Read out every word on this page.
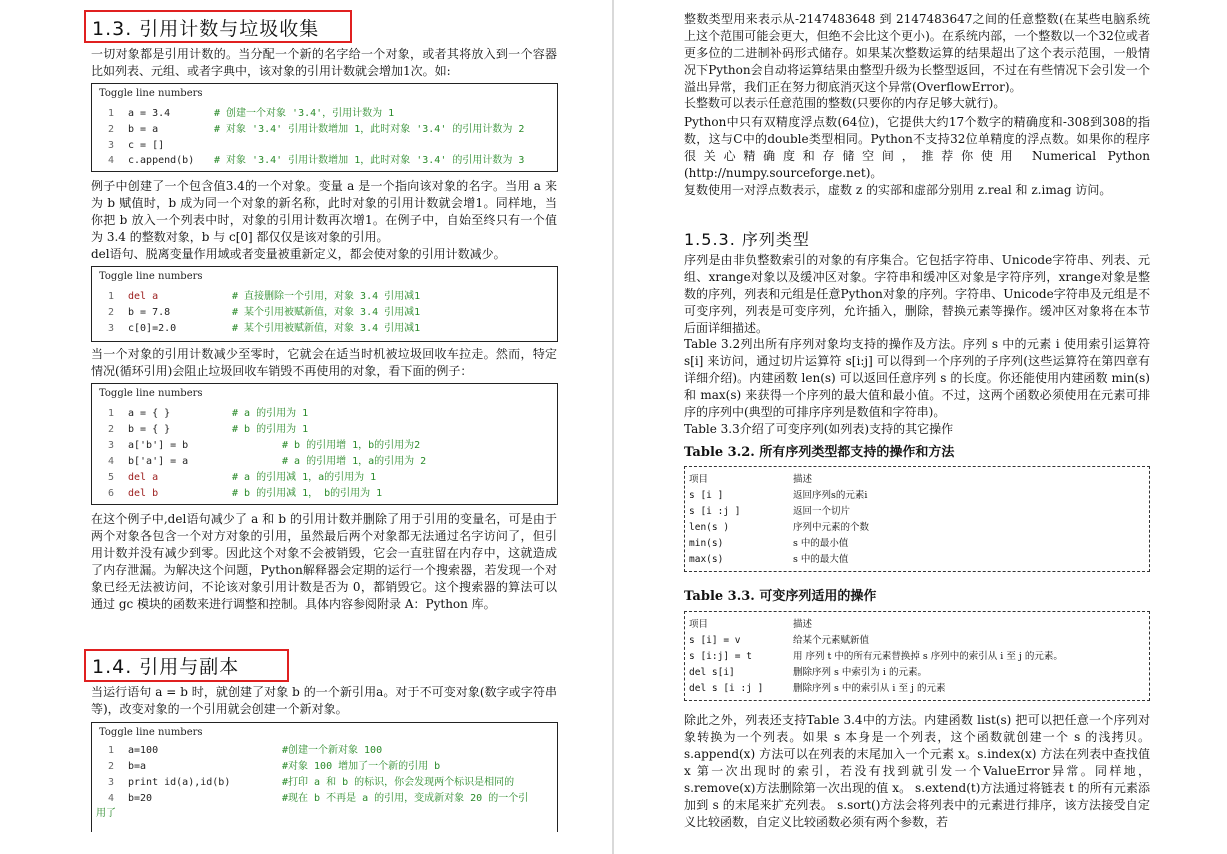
1.3. 引用计数与垃圾收集
一切对象都是引用计数的。当分配一个新的名字给一个对象，或者其将放入到一个容器比如列表、元组、或者字典中，该对象的引用计数就会增加1次。如:
Toggle line numbers
1 a = 3.4	# 创建一个对象 '3.4'，引用计数为 1
2 b = a	# 对象 '3.4' 引用计数增加 1，此时对象 '3.4' 的引用计数为 2
3 c = []
4 c.append(b) # 对象 '3.4' 引用计数增加 1，此时对象 '3.4' 的引用计数为 3
例子中创建了一个包含值3.4的一个对象。变量 a 是一个指向该对象的名字。当用 a 来为 b 赋值时，b 成为同一个对象的新名称，此时对象的引用计数就会增1。同样地，当你把 b 放入一个列表中时，对象的引用计数再次增1。在例子中，自始至终只有一个值为 3.4 的整数对象，b 与 c[0] 都仅仅是该对象的引用。
del语句、脱离变量作用域或者变量被重新定义，都会使对象的引用计数减少。
Toggle line numbers
1 del a	# 直接删除一个引用，对象 3.4 引用减1
2 b = 7.8	# 某个引用被赋新值，对象 3.4 引用减1
3 c[0]=2.0	# 某个引用被赋新值，对象 3.4 引用减1
当一个对象的引用计数减少至零时，它就会在适当时机被垃圾回收车拉走。然而，特定情况(循环引用)会阻止垃圾回收车销毁不再使用的对象，看下面的例子：
Toggle line numbers
1 a = { }	# a 的引用为 1
2 b = { }	# b 的引用为 1
3 a['b'] = b	# b 的引用增 1，b的引用为2
4 b['a'] = a	# a 的引用增 1，a的引用为 2
5 del a	# a 的引用减 1，a的引用为 1
6 del b	# b 的引用减 1， b的引用为 1
在这个例子中,del语句减少了 a 和 b 的引用计数并删除了用于引用的变量名，可是由于两个对象各包含一个对方对象的引用，虽然最后两个对象都无法通过名字访问了，但引用计数并没有减少到零。因此这个对象不会被销毁，它会一直驻留在内存中，这就造成了内存泄漏。为解决这个问题，Python解释器会定期的运行一个搜索器，若发现一个对象已经无法被访问，不论该对象引用计数是否为 0，都销毁它。这个搜索器的算法可以通过 gc 模块的函数来进行调整和控制。具体内容参阅附录 A：Python 库。
1.4. 引用与副本
当运行语句 a = b 时，就创建了对象 b 的一个新引用a。对于不可变对象(数字或字符串等)，改变对象的一个引用就会创建一个新对象。
Toggle line numbers
1 a=100	#创建一个新对象 100
2 b=a	#对象 100 增加了一个新的引用 b
3 print id(a),id(b)	#打印 a 和 b 的标识，你会发现两个标识是相同的
4 b=20	#现在 b 不再是 a 的引用，变成新对象 20 的一个引
用了
整数类型用来表示从-2147483648 到 2147483647之间的任意整数(在某些电脑系统上这个范围可能会更大，但绝不会比这个更小)。在系统内部，一个整数以一个32位或者更多位的二进制补码形式储存。如果某次整数运算的结果超出了这个表示范围，一般情况下Python会自动将运算结果由整型升级为长整型返回，不过在有些情况下会引发一个溢出异常，我们正在努力彻底消灭这个异常(OverflowError)。
长整数可以表示任意范围的整数(只要你的内存足够大就行)。
Python中只有双精度浮点数(64位)，它提供大约17个数字的精确度和-308到308的指数，这与C中的double类型相同。Python不支持32位单精度的浮点数。如果你的程序很关心精确度和存储空间，推荐你使用 Numerical Python (http://numpy.sourceforge.net)。
复数使用一对浮点数表示，虚数 z 的实部和虚部分别用 z.real 和 z.imag 访问。
1.5.3. 序列类型
序列是由非负整数索引的对象的有序集合。它包括字符串、Unicode字符串、列表、元组、xrange对象以及缓冲区对象。字符串和缓冲区对象是字符序列，xrange对象是整数的序列，列表和元组是任意Python对象的序列。字符串、Unicode字符串及元组是不可变序列，列表是可变序列，允许插入，删除，替换元素等操作。缓冲区对象将在本节后面详细描述。
Table 3.2列出所有序列对象均支持的操作及方法。序列 s 中的元素 i 使用索引运算符 s[i] 来访问，通过切片运算符 s[i:j] 可以得到一个序列的子序列(这些运算符在第四章有详细介绍)。内建函数 len(s) 可以返回任意序列 s 的长度。你还能使用内建函数 min(s) 和 max(s) 来获得一个序列的最大值和最小值。不过，这两个函数必须使用在元素可排序的序列中(典型的可排序序列是数值和字符串)。
Table 3.3介绍了可变序列(如列表)支持的其它操作
Table 3.2. 所有序列类型都支持的操作和方法
项目	描述
s [i ]	返回序列s的元素i
s [i :j ]	返回一个切片
len(s )	序列中元素的个数
min(s)	s 中的最小值
max(s)	s 中的最大值
Table 3.3. 可变序列适用的操作
项目	描述
s [i] = v	给某个元素赋新值
s [i:j] = t	用 序列 t 中的所有元素替换掉 s 序列中的索引从 i 至 j 的元素。
del s[i]	删除序列 s 中索引为 i 的元素。
del s [i :j ]	删除序列 s 中的索引从 i 至 j 的元素
除此之外，列表还支持Table 3.4中的方法。内建函数 list(s) 把可以把任意一个序列对象转换为一个列表。如果 s 本身是一个列表，这个函数就创建一个 s 的浅拷贝。s.append(x) 方法可以在列表的末尾加入一个元素 x。s.index(x) 方法在列表中查找值 x 第一次出现时的索引，若没有找到就引发一个ValueError异常。同样地，s.remove(x)方法删除第一次出现的值 x。 s.extend(t)方法通过将链表 t 的所有元素添加到 s 的末尾来扩充列表。 s.sort()方法会将列表中的元素进行排序，该方法接受自定义比较函数，自定义比较函数必须有两个参数，若
